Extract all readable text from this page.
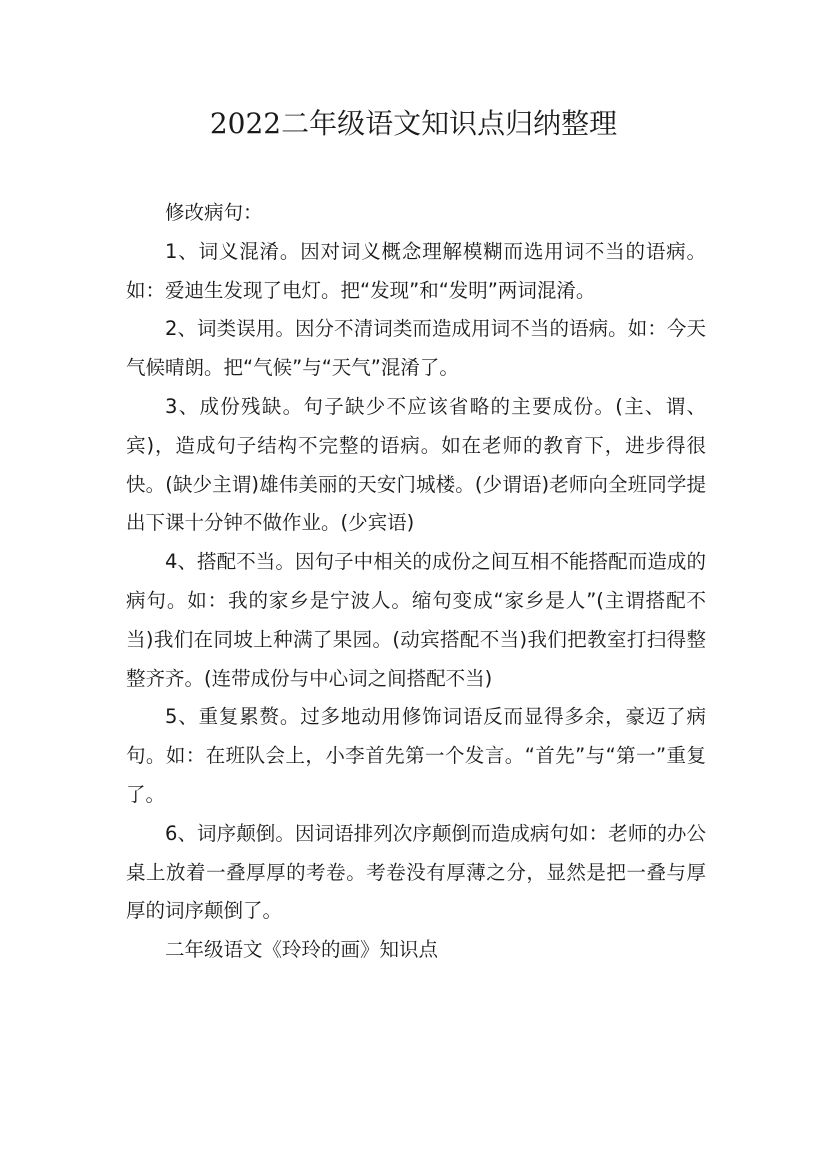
2022二年级语文知识点归纳整理

修改病句：

1、词义混淆。因对词义概念理解模糊而选用词不当的语病。如：爱迪生发现了电灯。把“发现”和“发明”两词混淆。

2、词类误用。因分不清词类而造成用词不当的语病。如：今天气候晴朗。把“气候”与“天气”混淆了。

3、成份残缺。句子缺少不应该省略的主要成份。(主、谓、宾)，造成句子结构不完整的语病。如在老师的教育下，进步得很快。(缺少主谓)雄伟美丽的天安门城楼。(少谓语)老师向全班同学提出下课十分钟不做作业。(少宾语)

4、搭配不当。因句子中相关的成份之间互相不能搭配而造成的病句。如：我的家乡是宁波人。缩句变成“家乡是人”(主谓搭配不当)我们在同坡上种满了果园。(动宾搭配不当)我们把教室打扫得整整齐齐。(连带成份与中心词之间搭配不当)

5、重复累赘。过多地动用修饰词语反而显得多余，豪迈了病句。如：在班队会上，小李首先第一个发言。“首先”与“第一”重复了。

6、词序颠倒。因词语排列次序颠倒而造成病句如：老师的办公桌上放着一叠厚厚的考卷。考卷没有厚薄之分，显然是把一叠与厚厚的词序颠倒了。

二年级语文《玲玲的画》知识点
